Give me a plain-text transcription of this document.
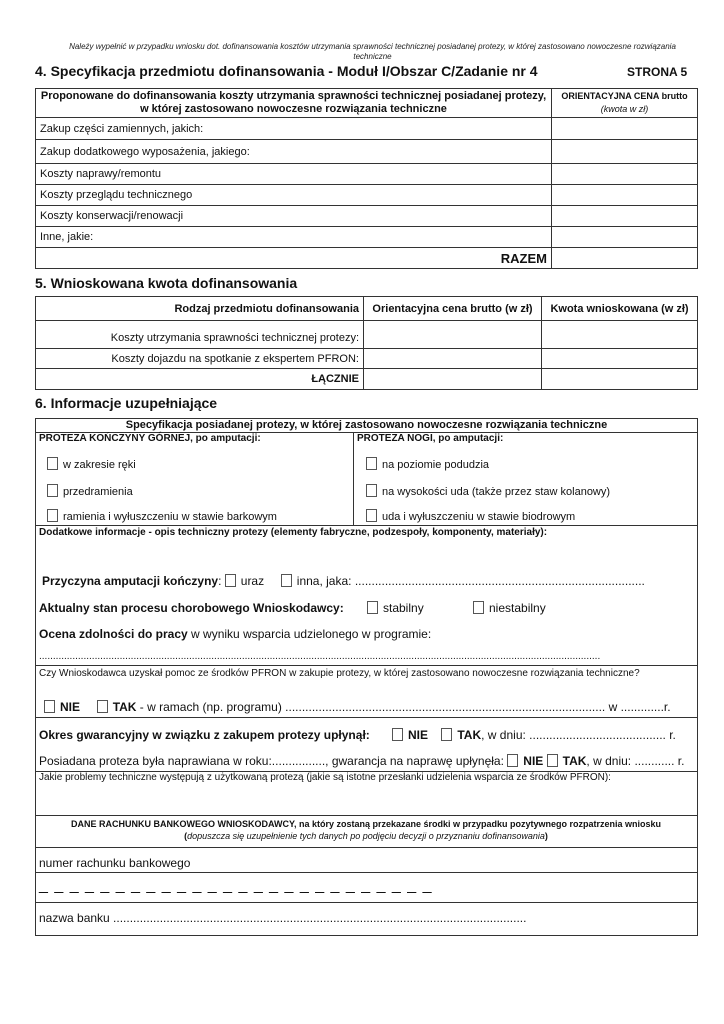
Należy wypełnić w przypadku wniosku dot. dofinansowania kosztów utrzymania sprawności technicznej posiadanej protezy, w której zastosowano nowoczesne rozwiązania techniczne
4. Specyfikacja przedmiotu dofinansowania - Moduł I/Obszar C/Zadanie nr 4	STRONA 5
Proponowane do dofinansowania koszty utrzymania sprawności technicznej posiadanej protezy, w której zastosowano nowoczesne rozwiązania techniczne	ORIENTACYJNA CENA brutto
(kwota w zł)

Zakup części zamiennych, jakich:	
Zakup dodatkowego wyposażenia, jakiego:	
Koszty naprawy/remontu	
Koszty przeglądu technicznego	
Koszty konserwacji/renowacji	
Inne, jakie:	
RAZEM	
5. Wnioskowana kwota dofinansowania
Rodzaj przedmiotu dofinansowania	Orientacyjna cena brutto (w zł)	Kwota wnioskowana (w zł)
Koszty utrzymania sprawności technicznej protezy:		
Koszty dojazdu na spotkanie z ekspertem PFRON:		
ŁĄCZNIE		
6. Informacje uzupełniające
Specyfikacja posiadanej protezy, w której zastosowano nowoczesne rozwiązania techniczne
PROTEZA KOŃCZYNY GÓRNEJ, po amputacji:	PROTEZA NOGI, po amputacji:
w zakresie ręki
przedramienia
ramienia i wyłuszczeniu w stawie barkowym
na poziomie podudzia
na wysokości uda (także przez staw kolanowy)
uda i wyłuszczeniu w stawie biodrowym
Dodatkowe informacje - opis techniczny protezy (elementy fabryczne, podzespoły, komponenty, materiały):
Przyczyna amputacji kończyny: uraz	inna, jaka: .......................................................................................
Aktualny stan procesu chorobowego Wnioskodawcy:	stabilny	niestabilny
Ocena zdolności do pracy w wyniku wsparcia udzielonego w programie:
..........................................................................................................................................................................................................
Czy Wnioskodawca uzyskał pomoc ze środków PFRON w zakupie protezy, w której zastosowano nowoczesne rozwiązania techniczne?
NIE	TAK - w ramach (np. programu) ................................................................................................ w .............r.
Okres gwarancyjny w związku z zakupem protezy upłynął:	NIE TAK, w dniu: ......................................... r.
Posiadana proteza była naprawiana w roku:................, gwarancja na naprawę upłynęła: NIE TAK, w dniu: ............ r.
Jakie problemy techniczne występują z użytkowaną protezą (jakie są istotne przesłanki udzielenia wsparcia ze środków PFRON):
DANE RACHUNKU BANKOWEGO WNIOSKODAWCY, na który zostaną przekazane środki w przypadku pozytywnego rozpatrzenia wniosku (dopuszcza się uzupełnienie tych danych po podjęciu decyzji o przyznaniu dofinansowania)
numer rachunku bankowego
_ _ _ _ _ _ _ _ _ _ _ _ _ _ _ _ _ _ _ _ _ _ _ _ _ _
nazwa banku ............................................................................................................................
